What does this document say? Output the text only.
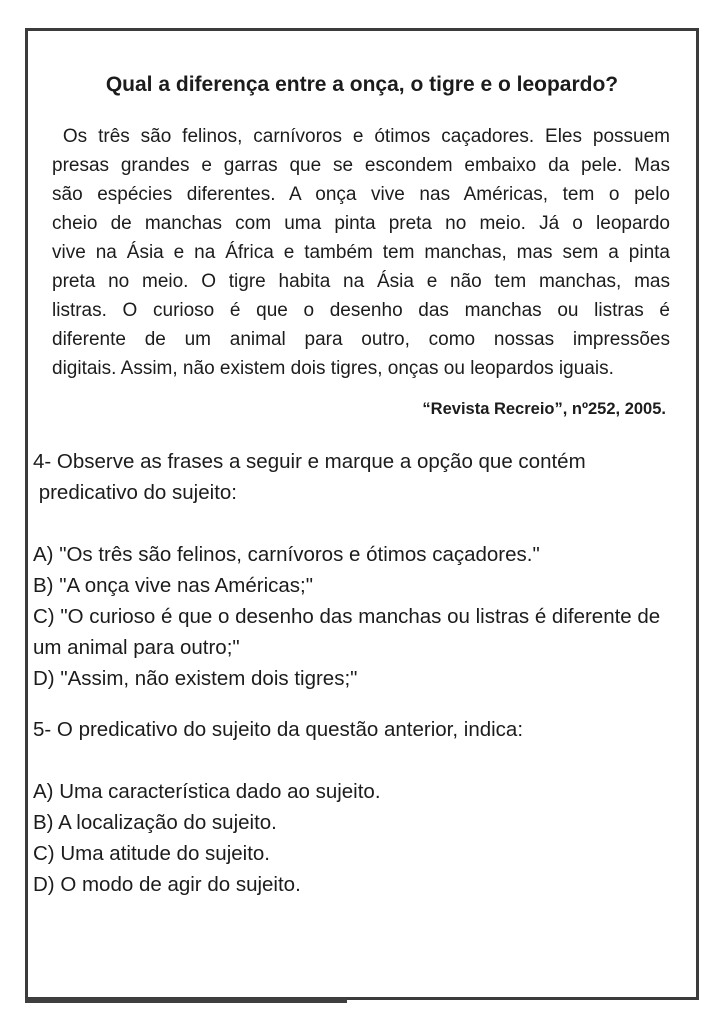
Qual a diferença entre a onça, o tigre e o leopardo?
Os três são felinos, carnívoros e ótimos caçadores. Eles possuem
presas grandes e garras que se escondem embaixo da pele. Mas
são espécies diferentes. A onça vive nas Américas, tem o pelo
cheio de manchas com uma pinta preta no meio. Já o leopardo
vive na Ásia e na África e também tem manchas, mas sem a pinta
preta no meio. O tigre habita na Ásia e não tem manchas, mas
listras. O curioso é que o desenho das manchas ou listras é
diferente de um animal para outro, como nossas impressões
digitais. Assim, não existem dois tigres, onças ou leopardos iguais.
“Revista Recreio”, nº252, 2005.
4- Observe as frases a seguir e marque a opção que contém
predicativo do sujeito:
A) "Os três são felinos, carnívoros e ótimos caçadores."
B) "A onça vive nas Américas;"
C) "O curioso é que o desenho das manchas ou listras é diferente de um animal para outro;"
D) "Assim, não existem dois tigres;"
5- O predicativo do sujeito da questão anterior, indica:
A) Uma característica dado ao sujeito.
B) A localização do sujeito.
C) Uma atitude do sujeito.
D) O modo de agir do sujeito.
